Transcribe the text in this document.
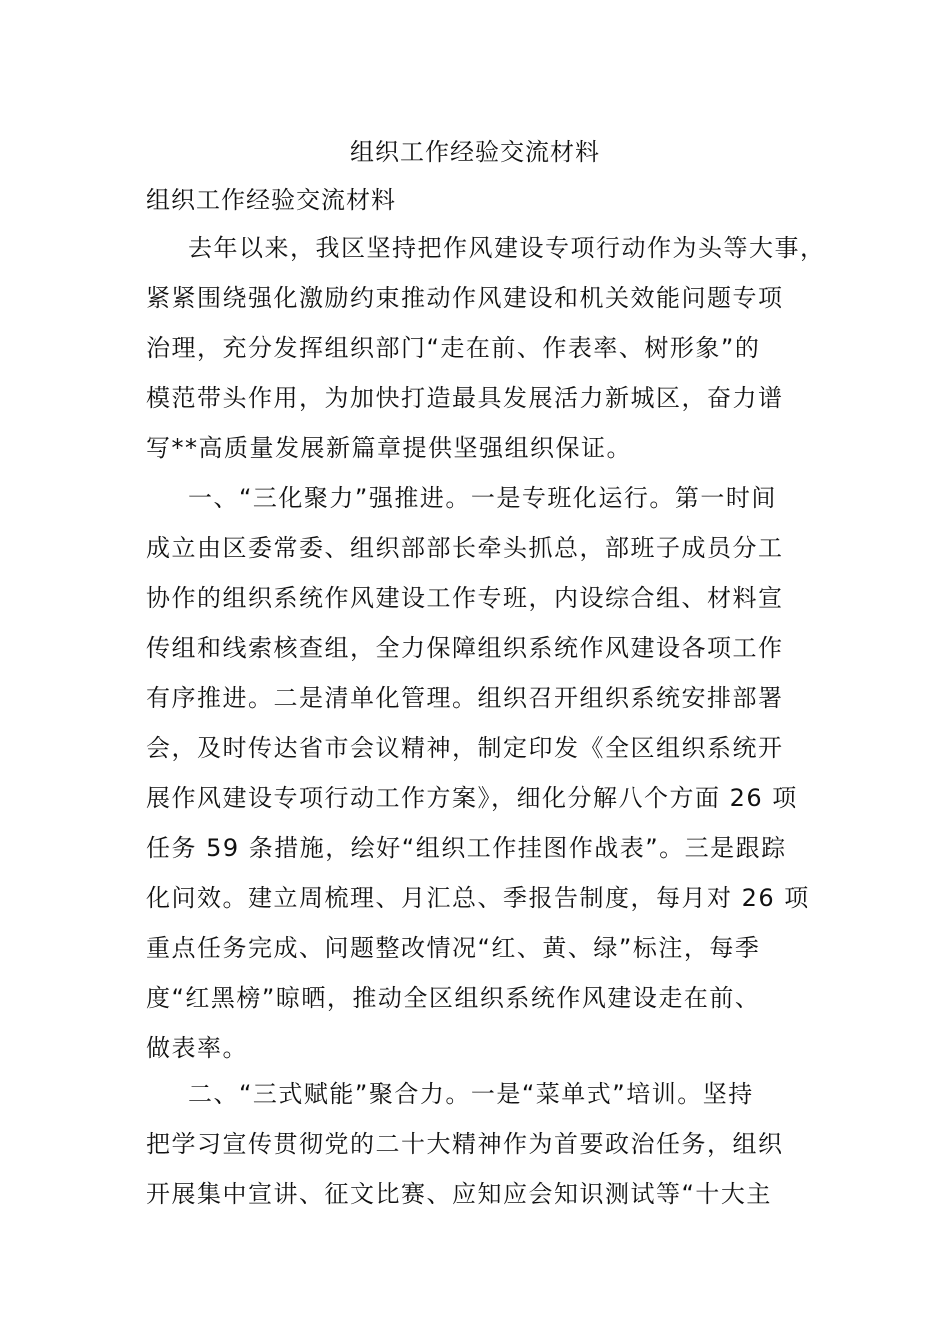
组织工作经验交流材料
组织工作经验交流材料
去年以来，我区坚持把作风建设专项行动作为头等大事，
紧紧围绕强化激励约束推动作风建设和机关效能问题专项
治理，充分发挥组织部门“走在前、作表率、树形象”的
模范带头作用，为加快打造最具发展活力新城区，奋力谱
写**高质量发展新篇章提供坚强组织保证。
一、“三化聚力”强推进。一是专班化运行。第一时间
成立由区委常委、组织部部长牵头抓总，部班子成员分工
协作的组织系统作风建设工作专班，内设综合组、材料宣
传组和线索核查组，全力保障组织系统作风建设各项工作
有序推进。二是清单化管理。组织召开组织系统安排部署
会，及时传达省市会议精神，制定印发《全区组织系统开
展作风建设专项行动工作方案》，细化分解八个方面 26 项
任务 59 条措施，绘好“组织工作挂图作战表”。三是跟踪
化问效。建立周梳理、月汇总、季报告制度，每月对 26 项
重点任务完成、问题整改情况“红、黄、绿”标注，每季
度“红黑榜”晾晒，推动全区组织系统作风建设走在前、
做表率。
二、“三式赋能”聚合力。一是“菜单式”培训。坚持
把学习宣传贯彻党的二十大精神作为首要政治任务，组织
开展集中宣讲、征文比赛、应知应会知识测试等“十大主
